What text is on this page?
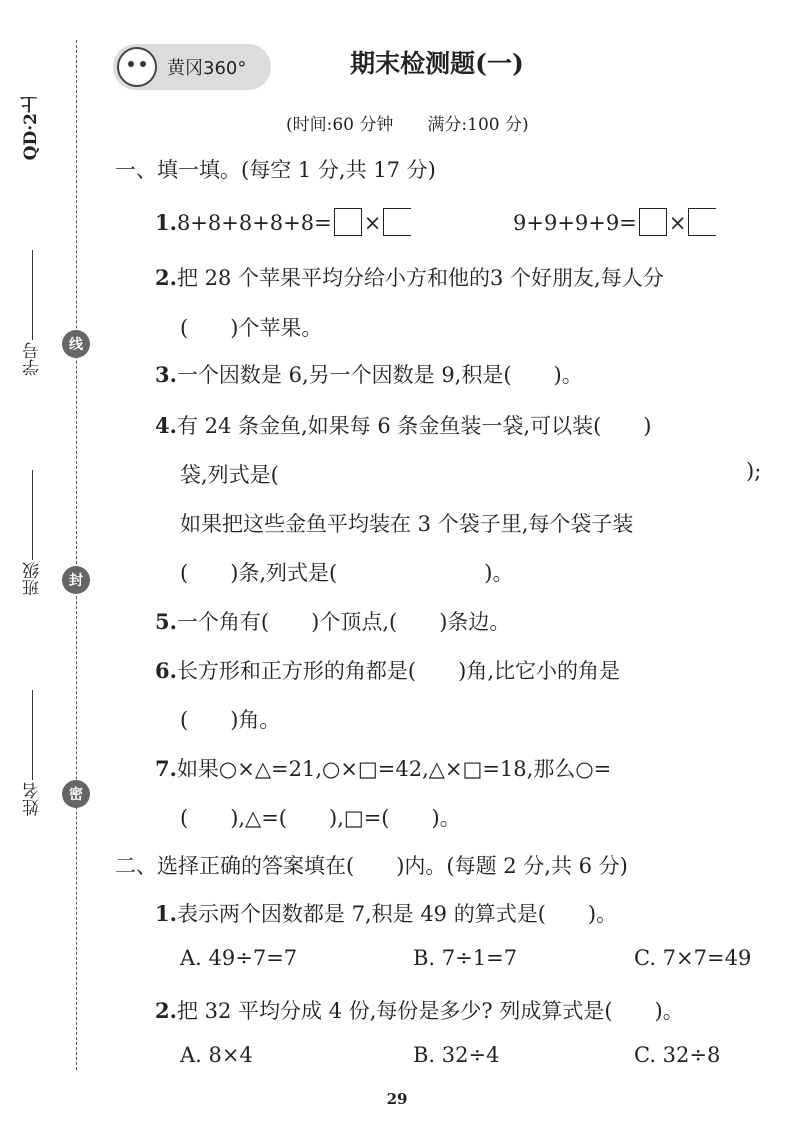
QD·2上
学号
班级
姓名
线
封
密
黄冈360°	期末检测题(一)
(时间:60 分钟　　满分:100 分)
一、填一填。(每空 1 分,共 17 分)
1.8+8+8+8+8= ×	9+9+9+9= ×
2.把 28 个苹果平均分给小方和他的3 个好朋友,每人分
(　　)个苹果。
3.一个因数是 6,另一个因数是 9,积是(　　)。
4.有 24 条金鱼,如果每 6 条金鱼装一袋,可以装(　　)
袋,列式是(	);
如果把这些金鱼平均装在 3 个袋子里,每个袋子装
(　　)条,列式是(　　　　　　　)。
5.一个角有(　　)个顶点,(　　)条边。
6.长方形和正方形的角都是(　　)角,比它小的角是
(　　)角。
7.如果○×△=21,○×□=42,△×□=18,那么○=
(　　),△=(　　),□=(　　)。
二、选择正确的答案填在(　　)内。(每题 2 分,共 6 分)
1.表示两个因数都是 7,积是 49 的算式是(　　)。
A. 49÷7=7	B. 7÷1=7	C. 7×7=49
2.把 32 平均分成 4 份,每份是多少? 列成算式是(　　)。
A. 8×4	B. 32÷4	C. 32÷8
29
